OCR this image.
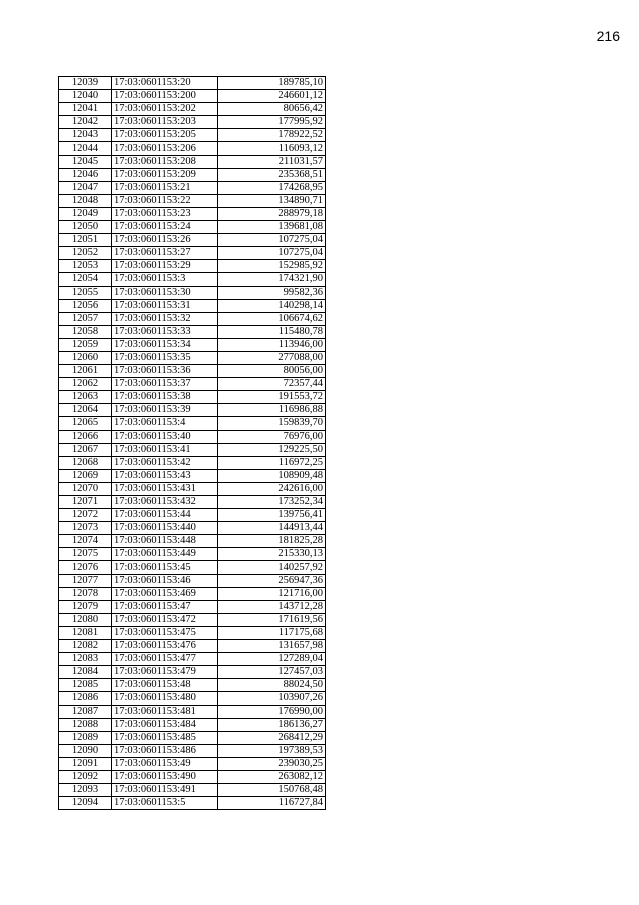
216
12039	17:03:0601153:20	189785,10
12040	17:03:0601153:200	246601,12
12041	17:03:0601153:202	80656,42
12042	17:03:0601153:203	177995,92
12043	17:03:0601153:205	178922,52
12044	17:03:0601153:206	116093,12
12045	17:03:0601153:208	211031,57
12046	17:03:0601153:209	235368,51
12047	17:03:0601153:21	174268,95
12048	17:03:0601153:22	134890,71
12049	17:03:0601153:23	288979,18
12050	17:03:0601153:24	139681,08
12051	17:03:0601153:26	107275,04
12052	17:03:0601153:27	107275,04
12053	17:03:0601153:29	152985,92
12054	17:03:0601153:3	174321,90
12055	17:03:0601153:30	99582,36
12056	17:03:0601153:31	140298,14
12057	17:03:0601153:32	106674,62
12058	17:03:0601153:33	115480,78
12059	17:03:0601153:34	113946,00
12060	17:03:0601153:35	277088,00
12061	17:03:0601153:36	80056,00
12062	17:03:0601153:37	72357,44
12063	17:03:0601153:38	191553,72
12064	17:03:0601153:39	116986,88
12065	17:03:0601153:4	159839,70
12066	17:03:0601153:40	76976,00
12067	17:03:0601153:41	129225,50
12068	17:03:0601153:42	116972,25
12069	17:03:0601153:43	108909,48
12070	17:03:0601153:431	242616,00
12071	17:03:0601153:432	173252,34
12072	17:03:0601153:44	139756,41
12073	17:03:0601153:440	144913,44
12074	17:03:0601153:448	181825,28
12075	17:03:0601153:449	215330,13
12076	17:03:0601153:45	140257,92
12077	17:03:0601153:46	256947,36
12078	17:03:0601153:469	121716,00
12079	17:03:0601153:47	143712,28
12080	17:03:0601153:472	171619,56
12081	17:03:0601153:475	117175,68
12082	17:03:0601153:476	131657,98
12083	17:03:0601153:477	127289,04
12084	17:03:0601153:479	127457,03
12085	17:03:0601153:48	88024,50
12086	17:03:0601153:480	103907,26
12087	17:03:0601153:481	176990,00
12088	17:03:0601153:484	186136,27
12089	17:03:0601153:485	268412,29
12090	17:03:0601153:486	197389,53
12091	17:03:0601153:49	239030,25
12092	17:03:0601153:490	263082,12
12093	17:03:0601153:491	150768,48
12094	17:03:0601153:5	116727,84
